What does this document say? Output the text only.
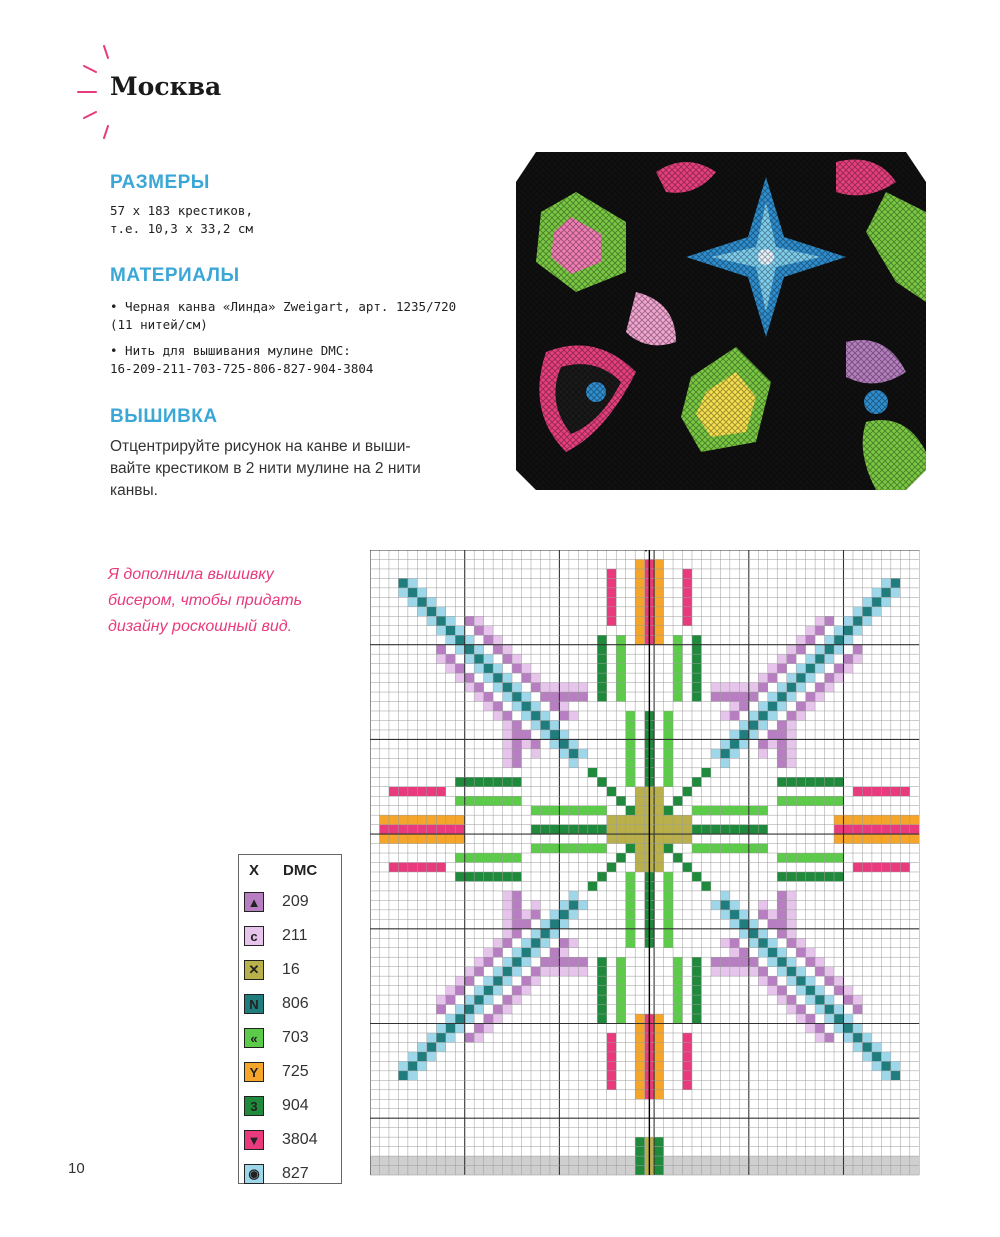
Москва
РАЗМЕРЫ
57 x 183 крестиков,
т.е. 10,3 x 33,2 см
МАТЕРИАЛЫ
• Черная канва «Линда» Zweigart, арт. 1235/720
(11 нитей/см)
• Нить для вышивания мулине DMC:
16-209-211-703-725-806-827-904-3804
ВЫШИВКА
Отцентрируйте рисунок на канве и выши-
вайте крестиком в 2 нити мулине на 2 нити
канвы.
Я дополнила вышивку
бисером, чтобы придать
дизайну роскошный вид.
X	DMC
▲ 209
c	211
✕ 16
N	806
«	703
Y	725
3	904
▼ 3804
◉ 827
10
